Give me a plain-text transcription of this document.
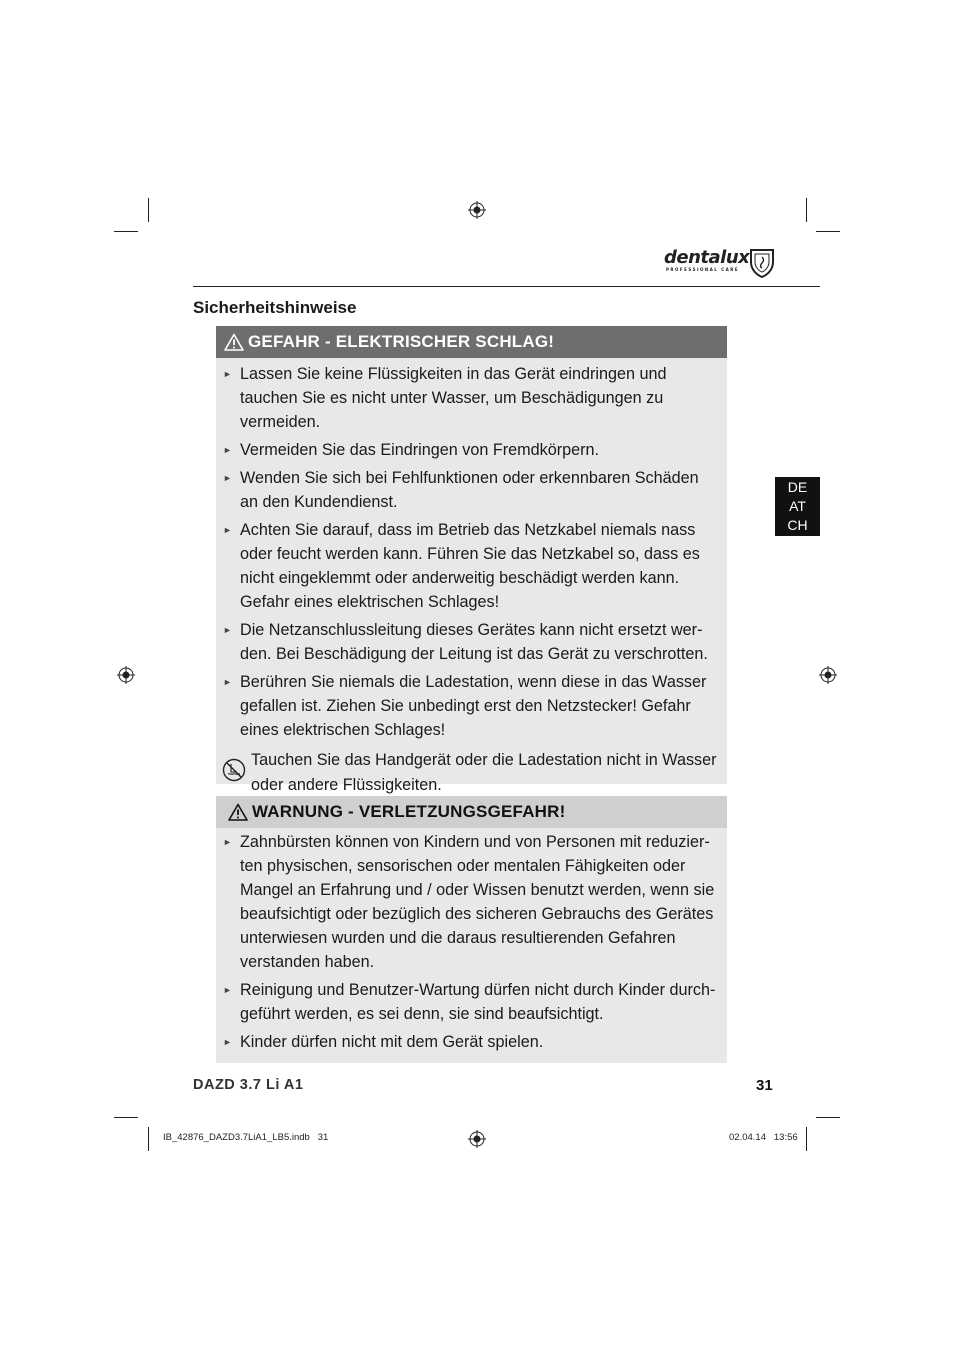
dentalux
PROFESSIONAL CARE
Sicherheitshinweise
DE
AT
CH
GEFAHR - ELEKTRISCHER SCHLAG!
► Lassen Sie keine Flüssigkeiten in das Gerät eindringen und tauchen Sie es nicht unter Wasser, um Beschädigungen zu vermeiden.
► Vermeiden Sie das Eindringen von Fremdkörpern.
► Wenden Sie sich bei Fehlfunktionen oder erkennbaren Schäden an den Kundendienst.
► Achten Sie darauf, dass im Betrieb das Netzkabel niemals nass oder feucht werden kann. Führen Sie das Netzkabel so, dass es nicht eingeklemmt oder anderweitig beschädigt werden kann. Gefahr eines elektrischen Schlages!
► Die Netzanschlussleitung dieses Gerätes kann nicht ersetzt wer-den. Bei Beschädigung der Leitung ist das Gerät zu verschrotten.
► Berühren Sie niemals die Ladestation, wenn diese in das Wasser gefallen ist. Ziehen Sie unbedingt erst den Netzstecker! Gefahr eines elektrischen Schlages!
Tauchen Sie das Handgerät oder die Ladestation nicht in Wasser oder andere Flüssigkeiten.
WARNUNG - VERLETZUNGSGEFAHR!
► Zahnbürsten können von Kindern und von Personen mit reduzier-ten physischen, sensorischen oder mentalen Fähigkeiten oder Mangel an Erfahrung und / oder Wissen benutzt werden, wenn sie beaufsichtigt oder bezüglich des sicheren Gebrauchs des Gerätes unterwiesen wurden und die daraus resultierenden Gefahren verstanden haben.
► Reinigung und Benutzer-Wartung dürfen nicht durch Kinder durch-geführt werden, es sei denn, sie sind beaufsichtigt.
► Kinder dürfen nicht mit dem Gerät spielen.
DAZD 3.7 Li A1	31
IB_42876_DAZD3.7LiA1_LB5.indb   31	02.04.14   13:56
